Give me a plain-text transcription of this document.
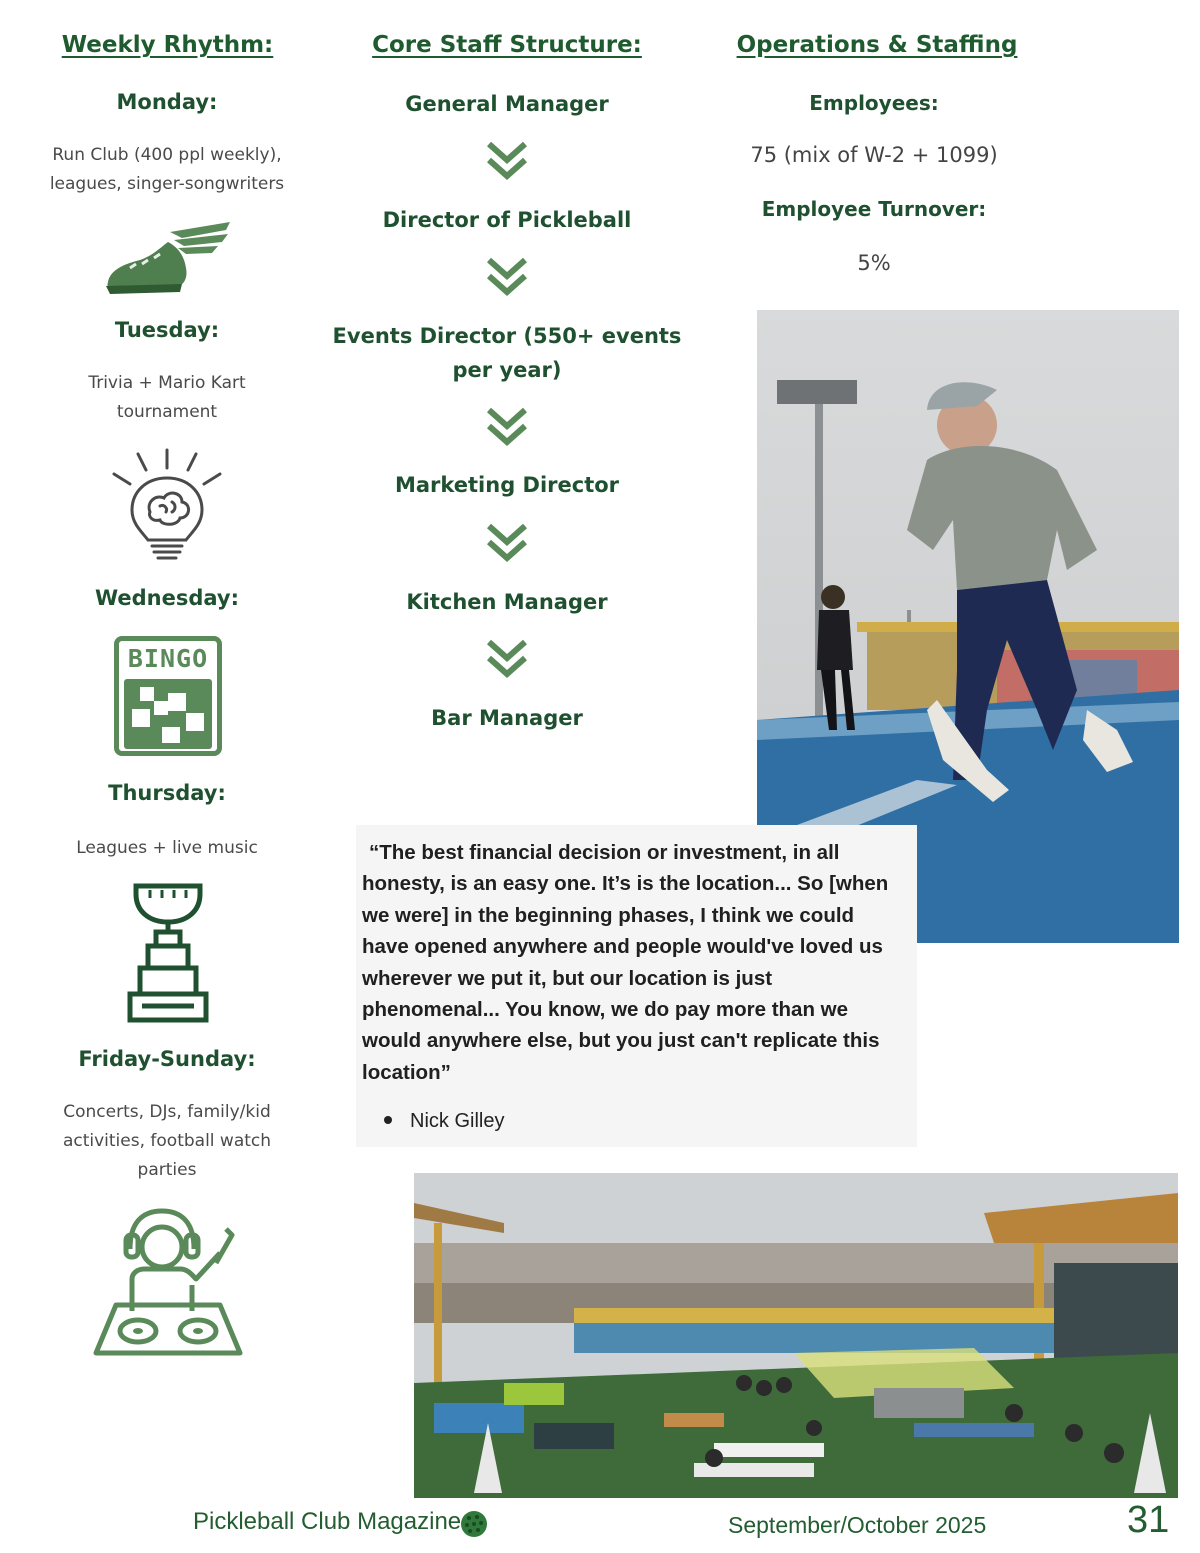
Weekly Rhythm:	Core Staff Structure:	Operations & Staffing
Monday:
Run Club (400 ppl weekly),
leagues, singer-songwriters
Tuesday:
Trivia + Mario Kart
tournament
Wednesday:
BINGO
Thursday:
Leagues + live music
Friday-Sunday:
Concerts, DJs, family/kid
activities, football watch
parties
General Manager
Director of Pickleball
Events Director (550+ events
per year)
Marketing Director
Kitchen Manager
Bar Manager
Employees:
75 (mix of W-2 + 1099)
Employee Turnover:
5%
“The best financial decision or investment, in all
honesty, is an easy one. It’s is the location... So [when
we were] in the beginning phases, I think we could
have opened anywhere and people would've loved us
wherever we put it, but our location is just
phenomenal... You know, we do pay more than we
would anywhere else, but you just can't replicate this
location”
Nick Gilley
Pickleball Club Magazine	September/October 2025	31
